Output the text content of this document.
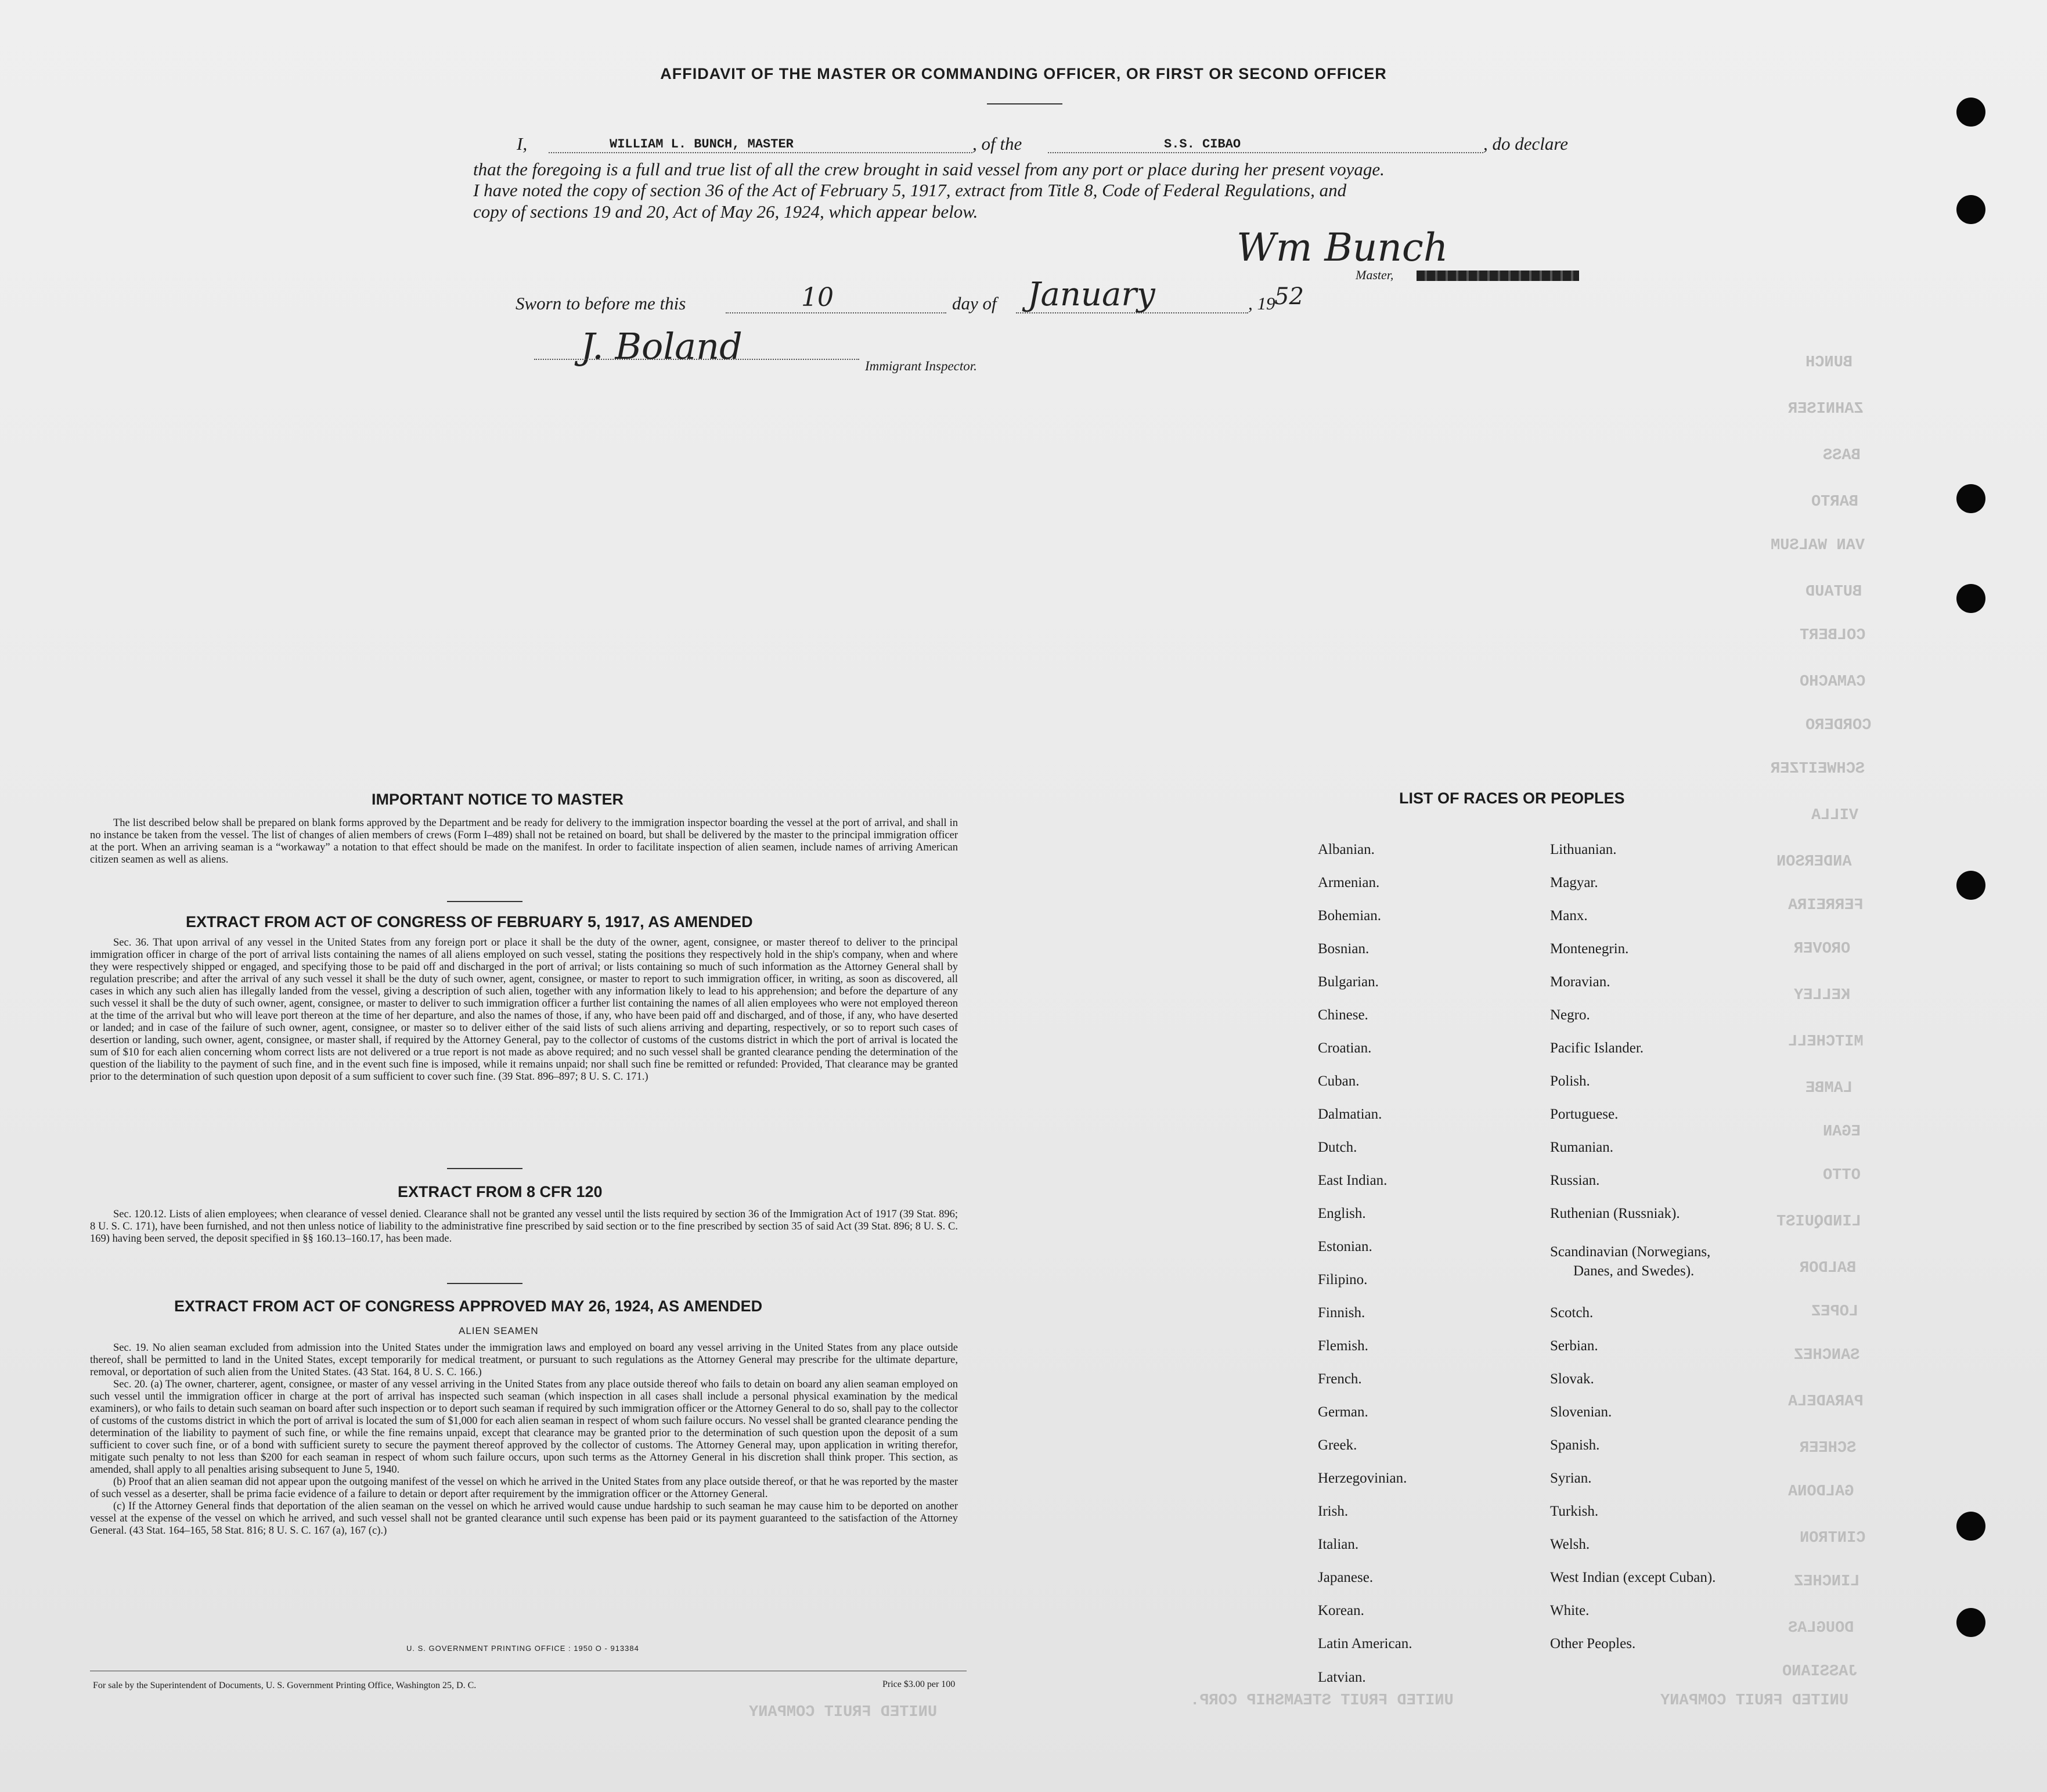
BUNCH
ZAHNISER
BASS
BARTO
VAN WALSUM
BUTAUD
COLBERT
CAMACHO
CORDERO
SCHWEITZER
VILLA
ANDERSON
FERREIRA
OROVER
KELLEY
MITCHELL
LAMBE
EGAN
OTTO
LINDQUIST
BALDOR
LOPEZ
SANCHEZ
PARADELA
SCHEER
GALDONA
CINTRON
LINCHEZ
DOUGLAS
JASSIANO
UNITED FRUIT COMPANY
UNITED FRUIT STEAMSHIP CORP.
UNITED FRUIT COMPANY
AFFIDAVIT OF THE MASTER OR COMMANDING OFFICER, OR FIRST OR SECOND OFFICER
I,	WILLIAM L. BUNCH, MASTER	, of the	S.S. CIBAO	, do declare
that the foregoing is a full and true list of all the crew brought in said vessel from any port or place during her present voyage.
I have noted the copy of section 36 of the Act of February 5, 1917, extract from Title 8, Code of Federal Regulations, and
copy of sections 19 and 20, Act of May 26, 1924, which appear below.
Wm Bunch
Master,
Sworn to before me this	10	day of January	, 19
52
J. Boland	Immigrant Inspector.
IMPORTANT NOTICE TO MASTER

The list described below shall be prepared on blank forms approved by the Department and be ready for delivery to the immigration inspector boarding the vessel at the port of arrival, and shall in no instance be taken from the vessel. The list of changes of alien members of crews (Form I–489) shall not be retained on board, but shall be delivered by the master to the principal immigration officer at the port. When an arriving seaman is a “workaway” a notation to that effect should be made on the manifest. In order to facilitate inspection of alien seamen, include names of arriving American citizen seamen as well as aliens.

EXTRACT FROM ACT OF CONGRESS OF FEBRUARY 5, 1917, AS AMENDED

Sec. 36. That upon arrival of any vessel in the United States from any foreign port or place it shall be the duty of the owner, agent, consignee, or master thereof to deliver to the principal immigration officer in charge of the port of arrival lists containing the names of all aliens employed on such vessel, stating the positions they respectively hold in the ship's company, when and where they were respectively shipped or engaged, and specifying those to be paid off and discharged in the port of arrival; or lists containing so much of such information as the Attorney General shall by regulation prescribe; and after the arrival of any such vessel it shall be the duty of such owner, agent, consignee, or master to report to such immigration officer, in writing, as soon as discovered, all cases in which any such alien has illegally landed from the vessel, giving a description of such alien, together with any information likely to lead to his apprehension; and before the departure of any such vessel it shall be the duty of such owner, agent, consignee, or master to deliver to such immigration officer a further list containing the names of all alien employees who were not employed thereon at the time of the arrival but who will leave port thereon at the time of her departure, and also the names of those, if any, who have been paid off and discharged, and of those, if any, who have deserted or landed; and in case of the failure of such owner, agent, consignee, or master so to deliver either of the said lists of such aliens arriving and departing, respectively, or so to report such cases of desertion or landing, such owner, agent, consignee, or master shall, if required by the Attorney General, pay to the collector of customs of the customs district in which the port of arrival is located the sum of $10 for each alien concerning whom correct lists are not delivered or a true report is not made as above required; and no such vessel shall be granted clearance pending the determination of the question of the liability to the payment of such fine, and in the event such fine is imposed, while it remains unpaid; nor shall such fine be remitted or refunded: Provided, That clearance may be granted prior to the determination of such question upon deposit of a sum sufficient to cover such fine. (39 Stat. 896–897; 8 U. S. C. 171.)

EXTRACT FROM 8 CFR 120

Sec. 120.12. Lists of alien employees; when clearance of vessel denied. Clearance shall not be granted any vessel until the lists required by section 36 of the Immigration Act of 1917 (39 Stat. 896; 8 U. S. C. 171), have been furnished, and not then unless notice of liability to the administrative fine prescribed by said section or to the fine prescribed by section 35 of said Act (39 Stat. 896; 8 U. S. C. 169) having been served, the deposit specified in §§ 160.13–160.17, has been made.

EXTRACT FROM ACT OF CONGRESS APPROVED MAY 26, 1924, AS AMENDED
ALIEN SEAMEN

Sec. 19. No alien seaman excluded from admission into the United States under the immigration laws and employed on board any vessel arriving in the United States from any place outside thereof, shall be permitted to land in the United States, except temporarily for medical treatment, or pursuant to such regulations as the Attorney General may prescribe for the ultimate departure, removal, or deportation of such alien from the United States. (43 Stat. 164, 8 U. S. C. 166.)

Sec. 20. (a) The owner, charterer, agent, consignee, or master of any vessel arriving in the United States from any place outside thereof who fails to detain on board any alien seaman employed on such vessel until the immigration officer in charge at the port of arrival has inspected such seaman (which inspection in all cases shall include a personal physical examination by the medical examiners), or who fails to detain such seaman on board after such inspection or to deport such seaman if required by such immigration officer or the Attorney General to do so, shall pay to the collector of customs of the customs district in which the port of arrival is located the sum of $1,000 for each alien seaman in respect of whom such failure occurs. No vessel shall be granted clearance pending the determination of the liability to payment of such fine, or while the fine remains unpaid, except that clearance may be granted prior to the determination of such question upon the deposit of a sum sufficient to cover such fine, or of a bond with sufficient surety to secure the payment thereof approved by the collector of customs. The Attorney General may, upon application in writing therefor, mitigate such penalty to not less than $200 for each seaman in respect of whom such failure occurs, upon such terms as the Attorney General in his discretion shall think proper. This section, as amended, shall apply to all penalties arising subsequent to June 5, 1940.

(b) Proof that an alien seaman did not appear upon the outgoing manifest of the vessel on which he arrived in the United States from any place outside thereof, or that he was reported by the master of such vessel as a deserter, shall be prima facie evidence of a failure to detain or deport after requirement by the immigration officer or the Attorney General.

(c) If the Attorney General finds that deportation of the alien seaman on the vessel on which he arrived would cause undue hardship to such seaman he may cause him to be deported on another vessel at the expense of the vessel on which he arrived, and such vessel shall not be granted clearance until such expense has been paid or its payment guaranteed to the satisfaction of the Attorney General. (43 Stat. 164–165, 58 Stat. 816; 8 U. S. C. 167 (a), 167 (c).)

U. S. GOVERNMENT PRINTING OFFICE : 1950 O - 913384
For sale by the Superintendent of Documents, U. S. Government Printing Office, Washington 25, D. C.	Price $3.00 per 100
LIST OF RACES OR PEOPLES
Albanian.
Armenian.
Bohemian.
Bosnian.
Bulgarian.
Chinese.
Croatian.
Cuban.
Dalmatian.
Dutch.
East Indian.
English.
Estonian.
Filipino.
Finnish.
Flemish.
French.
German.
Greek.
Herzegovinian.
Irish.
Italian.
Japanese.
Korean.
Latin American.
Latvian.
Lithuanian.
Magyar.
Manx.
Montenegrin.
Moravian.
Negro.
Pacific Islander.
Polish.
Portuguese.
Rumanian.
Russian.
Ruthenian (Russniak).
Scandinavian (Norwegians,
Danes, and Swedes).
Scotch.
Serbian.
Slovak.
Slovenian.
Spanish.
Syrian.
Turkish.
Welsh.
West Indian (except Cuban).
White.
Other Peoples.
